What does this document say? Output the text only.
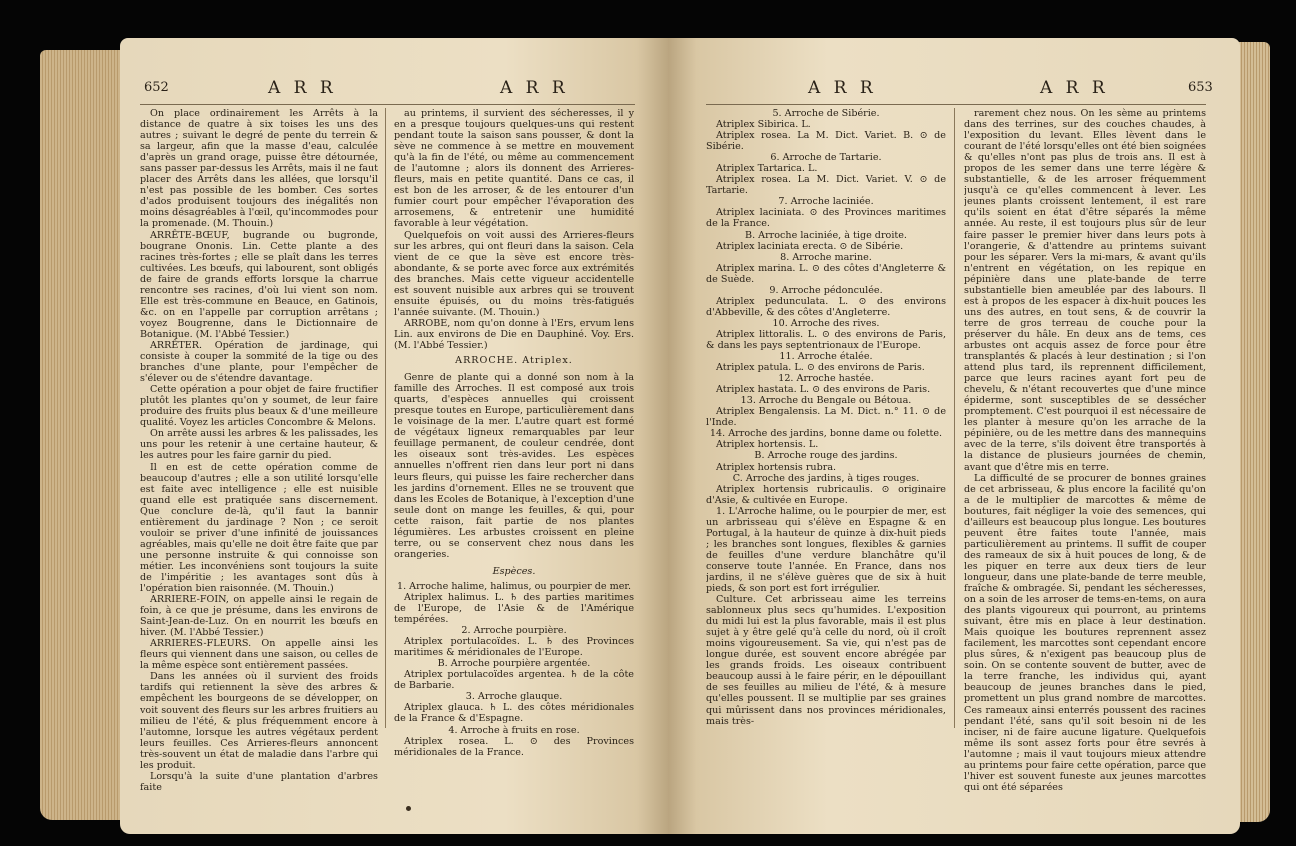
652	A R R	A R R

On place ordinairement les Arrêts à la distance de quatre à six toises les uns des autres ; suivant le degré de pente du terrein & sa largeur, afin que la masse d'eau, calculée d'après un grand orage, puisse être détournée, sans passer par-dessus les Arrêts, mais il ne faut placer des Arrêts dans les allées, que lorsqu'il n'est pas possible de les bomber. Ces sortes d'ados produisent toujours des inégalités non moins désagréables à l'œil, qu'incommodes pour la promenade. (M. Thouin.)

ARRÊTE-BŒUF, bugrande ou bugronde, bougrane Ononis. Lin. Cette plante a des racines très-fortes ; elle se plaît dans les terres cultivées. Les bœufs, qui labourent, sont obligés de faire de grands efforts lorsque la charrue rencontre ses racines, d'où lui vient son nom. Elle est très-commune en Beauce, en Gatinois, &c. on en l'appelle par corruption arrêtans ; voyez Bougrenne, dans le Dictionnaire de Botanique. (M. l'Abbé Tessier.)

ARRÊTER. Opération de jardinage, qui consiste à couper la sommité de la tige ou des branches d'une plante, pour l'empêcher de s'élever ou de s'étendre davantage.

Cette opération a pour objet de faire fructifier plutôt les plantes qu'on y soumet, de leur faire produire des fruits plus beaux & d'une meilleure qualité. Voyez les articles Concombre & Melons.

On arrête aussi les arbres & les palissades, les uns pour les retenir à une certaine hauteur, & les autres pour les faire garnir du pied.

Il en est de cette opération comme de beaucoup d'autres ; elle a son utilité lorsqu'elle est faite avec intelligence ; elle est nuisible quand elle est pratiquée sans discernement. Que conclure de-là, qu'il faut la bannir entièrement du jardinage ? Non ; ce seroit vouloir se priver d'une infinité de jouissances agréables, mais qu'elle ne doit être faite que par une personne instruite & qui connoisse son métier. Les inconvéniens sont toujours la suite de l'impéritie ; les avantages sont dûs à l'opération bien raisonnée. (M. Thouin.)

ARRIERE-FOIN, on appelle ainsi le regain de foin, à ce que je présume, dans les environs de Saint-Jean-de-Luz. On en nourrit les bœufs en hiver. (M. l'Abbé Tessier.)

ARRIERES-FLEURS. On appelle ainsi les fleurs qui viennent dans une saison, ou celles de la même espèce sont entièrement passées.

Dans les années où il survient des froids tardifs qui retiennent la sève des arbres & empêchent les bourgeons de se développer, on voit souvent des fleurs sur les arbres fruitiers au milieu de l'été, & plus fréquemment encore à l'automne, lorsque les autres végétaux perdent leurs feuilles. Ces Arrieres-fleurs annoncent très-souvent un état de maladie dans l'arbre qui les produit.

Lorsqu'à la suite d'une plantation d'arbres faite

au printems, il survient des sécheresses, il y en a presque toujours quelques-uns qui restent pendant toute la saison sans pousser, & dont la sève ne commence à se mettre en mouvement qu'à la fin de l'été, ou même au commencement de l'automne ; alors ils donnent des Arrieres-fleurs, mais en petite quantité. Dans ce cas, il est bon de les arroser, & de les entourer d'un fumier court pour empêcher l'évaporation des arrosemens, & entretenir une humidité favorable à leur végétation.

Quelquefois on voit aussi des Arrieres-fleurs sur les arbres, qui ont fleuri dans la saison. Cela vient de ce que la sève est encore très-abondante, & se porte avec force aux extrémités des branches. Mais cette vigueur accidentelle est souvent nuisible aux arbres qui se trouvent ensuite épuisés, ou du moins très-fatigués l'année suivante. (M. Thouin.)

ARROBE, nom qu'on donne à l'Ers, ervum lens Lin. aux environs de Die en Dauphiné. Voy. Ers. (M. l'Abbé Tessier.)

ARROCHE. Atriplex.

Genre de plante qui a donné son nom à la famille des Arroches. Il est composé aux trois quarts, d'espèces annuelles qui croissent presque toutes en Europe, particulièrement dans le voisinage de la mer. L'autre quart est formé de végétaux ligneux remarquables par leur feuillage permanent, de couleur cendrée, dont les oiseaux sont très-avides. Les espèces annuelles n'offrent rien dans leur port ni dans leurs fleurs, qui puisse les faire rechercher dans les jardins d'ornement. Elles ne se trouvent que dans les Ecoles de Botanique, à l'exception d'une seule dont on mange les feuilles, & qui, pour cette raison, fait partie de nos plantes légumières. Les arbustes croissent en pleine terre, ou se conservent chez nous dans les orangeries.

Espèces.

1. Arroche halime, halimus, ou pourpier de mer.

Atriplex halimus. L. ♄ des parties maritimes de l'Europe, de l'Asie & de l'Amérique tempérées.

2. Arroche pourpière.

Atriplex portulacoïdes. L. ♄ des Provinces maritimes & méridionales de l'Europe.

B. Arroche pourpière argentée.

Atriplex portulacoïdes argentea. ♄ de la côte de Barbarie.

3. Arroche glauque.

Atriplex glauca. ♄ L. des côtes méridionales de la France & d'Espagne.

4. Arroche à fruits en rose.

Atriplex rosea. L. ⊙ des Provinces méridionales de la France.

A R R	A R R	653

5. Arroche de Sibérie.

Atriplex Sibirica. L.

Atriplex rosea. La M. Dict. Variet. B. ⊙ de Sibérie.

6. Arroche de Tartarie.

Atriplex Tartarica. L.

Atriplex rosea. La M. Dict. Variet. V. ⊙ de Tartarie.

7. Arroche laciniée.

Atriplex laciniata. ⊙ des Provinces maritimes de la France.

B. Arroche laciniée, à tige droite.

Atriplex laciniata erecta. ⊙ de Sibérie.

8. Arroche marine.

Atriplex marina. L. ⊙ des côtes d'Angleterre & de Suède.

9. Arroche pédonculée.

Atriplex pedunculata. L. ⊙ des environs d'Abbeville, & des côtes d'Angleterre.

10. Arroche des rives.

Atriplex littoralis. L. ⊙ des environs de Paris, & dans les pays septentrionaux de l'Europe.

11. Arroche étalée.

Atriplex patula. L. ⊙ des environs de Paris.

12. Arroche hastée.

Atriplex hastata. L. ⊙ des environs de Paris.

13. Arroche du Bengale ou Bétoua.

Atriplex Bengalensis. La M. Dict. n.° 11. ⊙ de l'Inde.

14. Arroche des jardins, bonne dame ou folette.

Atriplex hortensis. L.

B. Arroche rouge des jardins.

Atriplex hortensis rubra.

C. Arroche des jardins, à tiges rouges.

Atriplex hortensis rubricaulis. ⊙ originaire d'Asie, & cultivée en Europe.

1. L'Arroche halime, ou le pourpier de mer, est un arbrisseau qui s'élève en Espagne & en Portugal, à la hauteur de quinze à dix-huit pieds ; les branches sont longues, flexibles & garnies de feuilles d'une verdure blanchâtre qu'il conserve toute l'année. En France, dans nos jardins, il ne s'élève guères que de six à huit pieds, & son port est fort irrégulier.

Culture. Cet arbrisseau aime les terreins sablonneux plus secs qu'humides. L'exposition du midi lui est la plus favorable, mais il est plus sujet à y être gelé qu'à celle du nord, où il croît moins vigoureusement. Sa vie, qui n'est pas de longue durée, est souvent encore abrégée par les grands froids. Les oiseaux contribuent beaucoup aussi à le faire périr, en le dépouillant de ses feuilles au milieu de l'été, & à mesure qu'elles poussent. Il se multiplie par ses graines qui mûrissent dans nos provinces méridionales, mais très-

rarement chez nous. On les sème au printems dans des terrines, sur des couches chaudes, à l'exposition du levant. Elles lèvent dans le courant de l'été lorsqu'elles ont été bien soignées & qu'elles n'ont pas plus de trois ans. Il est à propos de les semer dans une terre légère & substantielle, & de les arroser fréquemment jusqu'à ce qu'elles commencent à lever. Les jeunes plants croissent lentement, il est rare qu'ils soient en état d'être séparés la même année. Au reste, il est toujours plus sûr de leur faire passer le premier hiver dans leurs pots à l'orangerie, & d'attendre au printems suivant pour les séparer. Vers la mi-mars, & avant qu'ils n'entrent en végétation, on les repique en pépinière dans une plate-bande de terre substantielle bien ameublée par des labours. Il est à propos de les espacer à dix-huit pouces les uns des autres, en tout sens, & de couvrir la terre de gros terreau de couche pour la préserver du hâle. En deux ans de tems, ces arbustes ont acquis assez de force pour être transplantés & placés à leur destination ; si l'on attend plus tard, ils reprennent difficilement, parce que leurs racines ayant fort peu de chevelu, & n'étant recouvertes que d'une mince épiderme, sont susceptibles de se dessécher promptement. C'est pourquoi il est nécessaire de les planter à mesure qu'on les arrache de la pépinière, ou de les mettre dans des mannequins avec de la terre, s'ils doivent être transportés à la distance de plusieurs journées de chemin, avant que d'être mis en terre.

La difficulté de se procurer de bonnes graines de cet arbrisseau, & plus encore la facilité qu'on a de le multiplier de marcottes & même de boutures, fait négliger la voie des semences, qui d'ailleurs est beaucoup plus longue. Les boutures peuvent être faites toute l'année, mais particulièrement au printems. Il suffit de couper des rameaux de six à huit pouces de long, & de les piquer en terre aux deux tiers de leur longueur, dans une plate-bande de terre meuble, fraîche & ombragée. Si, pendant les sécheresses, on a soin de les arroser de tems-en-tems, on aura des plants vigoureux qui pourront, au printems suivant, être mis en place à leur destination. Mais quoique les boutures reprennent assez facilement, les marcottes sont cependant encore plus sûres, & n'exigent pas beaucoup plus de soin. On se contente souvent de butter, avec de la terre franche, les individus qui, ayant beaucoup de jeunes branches dans le pied, promettent un plus grand nombre de marcottes. Ces rameaux ainsi enterrés poussent des racines pendant l'été, sans qu'il soit besoin ni de les inciser, ni de faire aucune ligature. Quelquefois même ils sont assez forts pour être sevrés à l'automne ; mais il vaut toujours mieux attendre au printems pour faire cette opération, parce que l'hiver est souvent funeste aux jeunes marcottes qui ont été séparées
